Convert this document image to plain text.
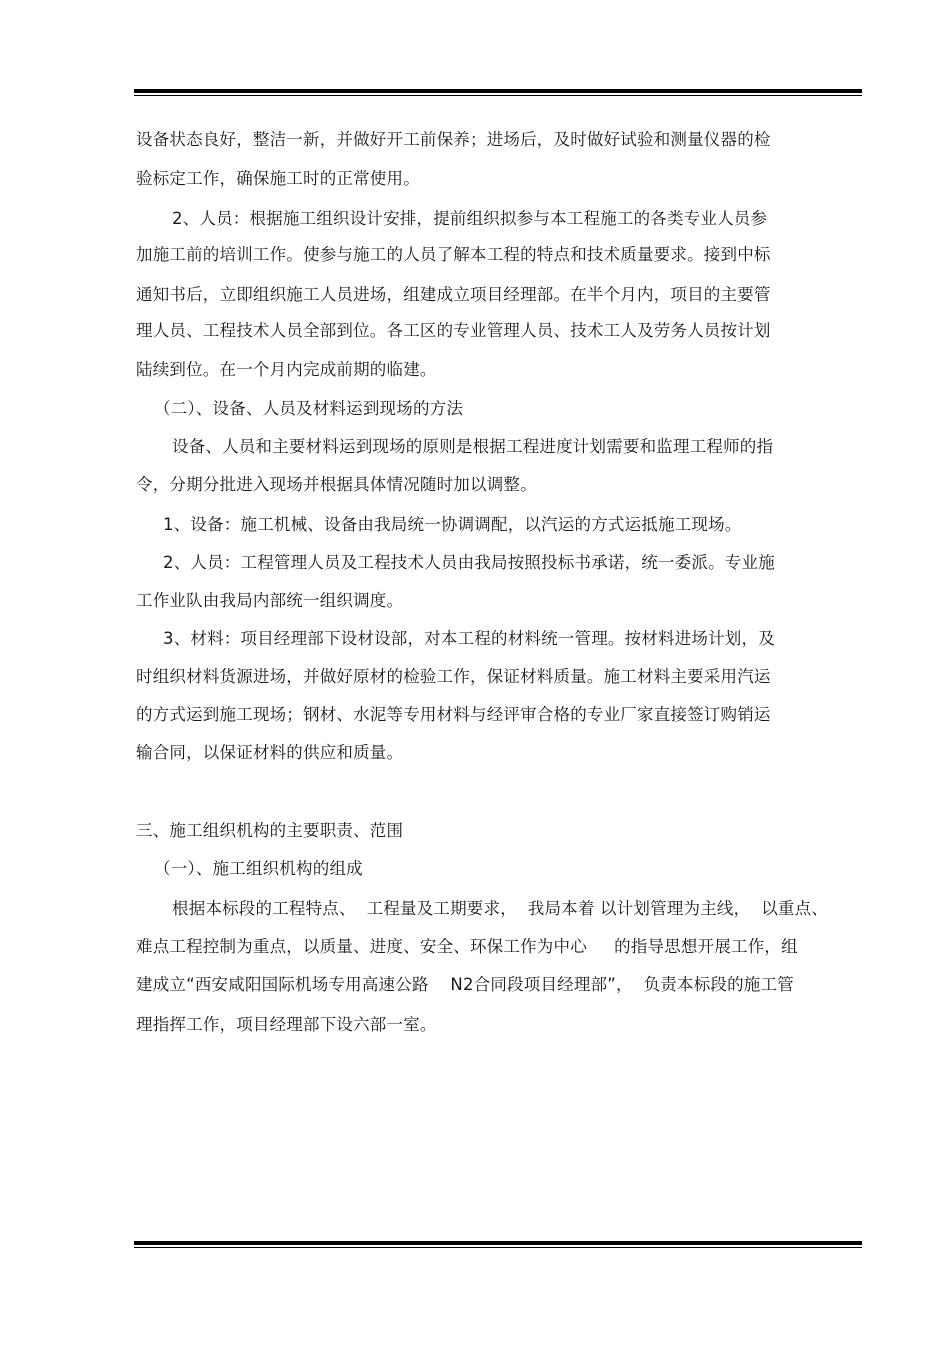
设备状态良好，整洁一新，并做好开工前保养；进场后，及时做好试验和测量仪器的检
验标定工作，确保施工时的正常使用。
2、人员：根据施工组织设计安排，提前组织拟参与本工程施工的各类专业人员参
加施工前的培训工作。使参与施工的人员了解本工程的特点和技术质量要求。接到中标
通知书后，立即组织施工人员进场，组建成立项目经理部。在半个月内，项目的主要管
理人员、工程技术人员全部到位。各工区的专业管理人员、技术工人及劳务人员按计划
陆续到位。在一个月内完成前期的临建。
（二）、设备、人员及材料运到现场的方法
设备、人员和主要材料运到现场的原则是根据工程进度计划需要和监理工程师的指
令，分期分批进入现场并根据具体情况随时加以调整。
1、设备：施工机械、设备由我局统一协调调配，以汽运的方式运抵施工现场。
2、人员：工程管理人员及工程技术人员由我局按照投标书承诺，统一委派。专业施
工作业队由我局内部统一组织调度。
3、材料：项目经理部下设材设部，对本工程的材料统一管理。按材料进场计划，及
时组织材料货源进场，并做好原材的检验工作，保证材料质量。施工材料主要采用汽运
的方式运到施工现场；钢材、水泥等专用材料与经评审合格的专业厂家直接签订购销运
输合同，以保证材料的供应和质量。
三、施工组织机构的主要职责、范围
（一）、施工组织机构的组成
根据本标段的工程特点、  工程量及工期要求，  我局本着 以计划管理为主线，  以重点、
难点工程控制为重点，以质量、进度、安全、环保工作为中心     的指导思想开展工作，组
建成立“西安咸阳国际机场专用高速公路    N2合同段项目经理部”，  负责本标段的施工管
理指挥工作，项目经理部下设六部一室。
